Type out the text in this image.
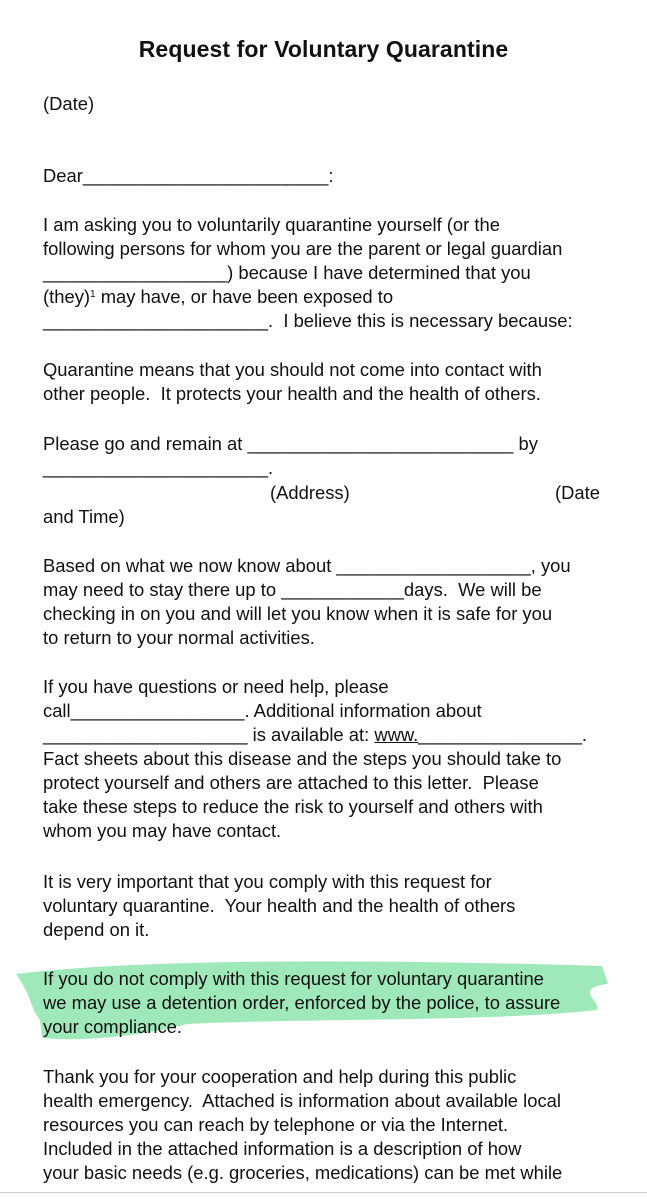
Request for Voluntary Quarantine
(Date)
Dear________________________:
I am asking you to voluntarily quarantine yourself (or the
following persons for whom you are the parent or legal guardian
__________________) because I have determined that you
(they)$^1$ may have, or have been exposed to
______________________.  I believe this is necessary because:
Quarantine means that you should not come into contact with
other people.  It protects your health and the health of others.
Please go and remain at __________________________ by
______________________.
(Address)	(Date
and Time)
Based on what we now know about ___________________, you
may need to stay there up to ____________days.  We will be
checking in on you and will let you know when it is safe for you
to return to your normal activities.
If you have questions or need help, please
call_________________. Additional information about
____________________ is available at: www.________________.
Fact sheets about this disease and the steps you should take to
protect yourself and others are attached to this letter.  Please
take these steps to reduce the risk to yourself and others with
whom you may have contact.
It is very important that you comply with this request for
voluntary quarantine.  Your health and the health of others
depend on it.
If you do not comply with this request for voluntary quarantine
we may use a detention order, enforced by the police, to assure
your compliance.
Thank you for your cooperation and help during this public
health emergency.  Attached is information about available local
resources you can reach by telephone or via the Internet.
Included in the attached information is a description of how
your basic needs (e.g. groceries, medications) can be met while
